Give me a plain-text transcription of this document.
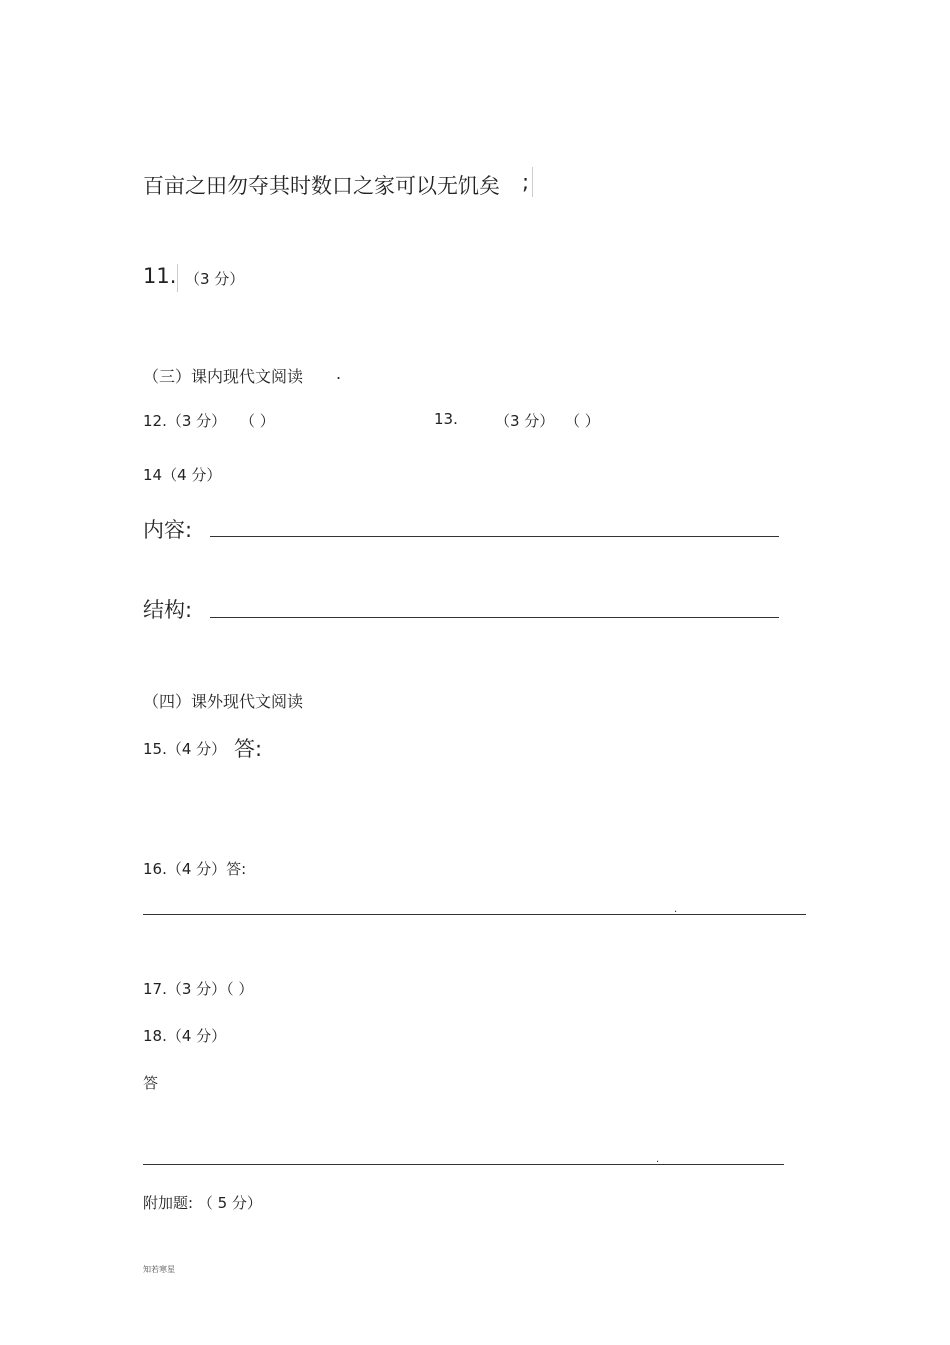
百亩之田勿夺其时数口之家可以无饥矣 ;
11. （3 分）
（三）课内现代文阅读 .
12.（3 分） （ ）	13. （3 分） （ ）
14（4 分）
内容:
结构:
（四）课外现代文阅读
15.（4 分） 答:
16.（4 分）答:
.
17.（3 分）（ ）
18.（4 分）
答
.
附加题: （ 5 分）
知若寒星
